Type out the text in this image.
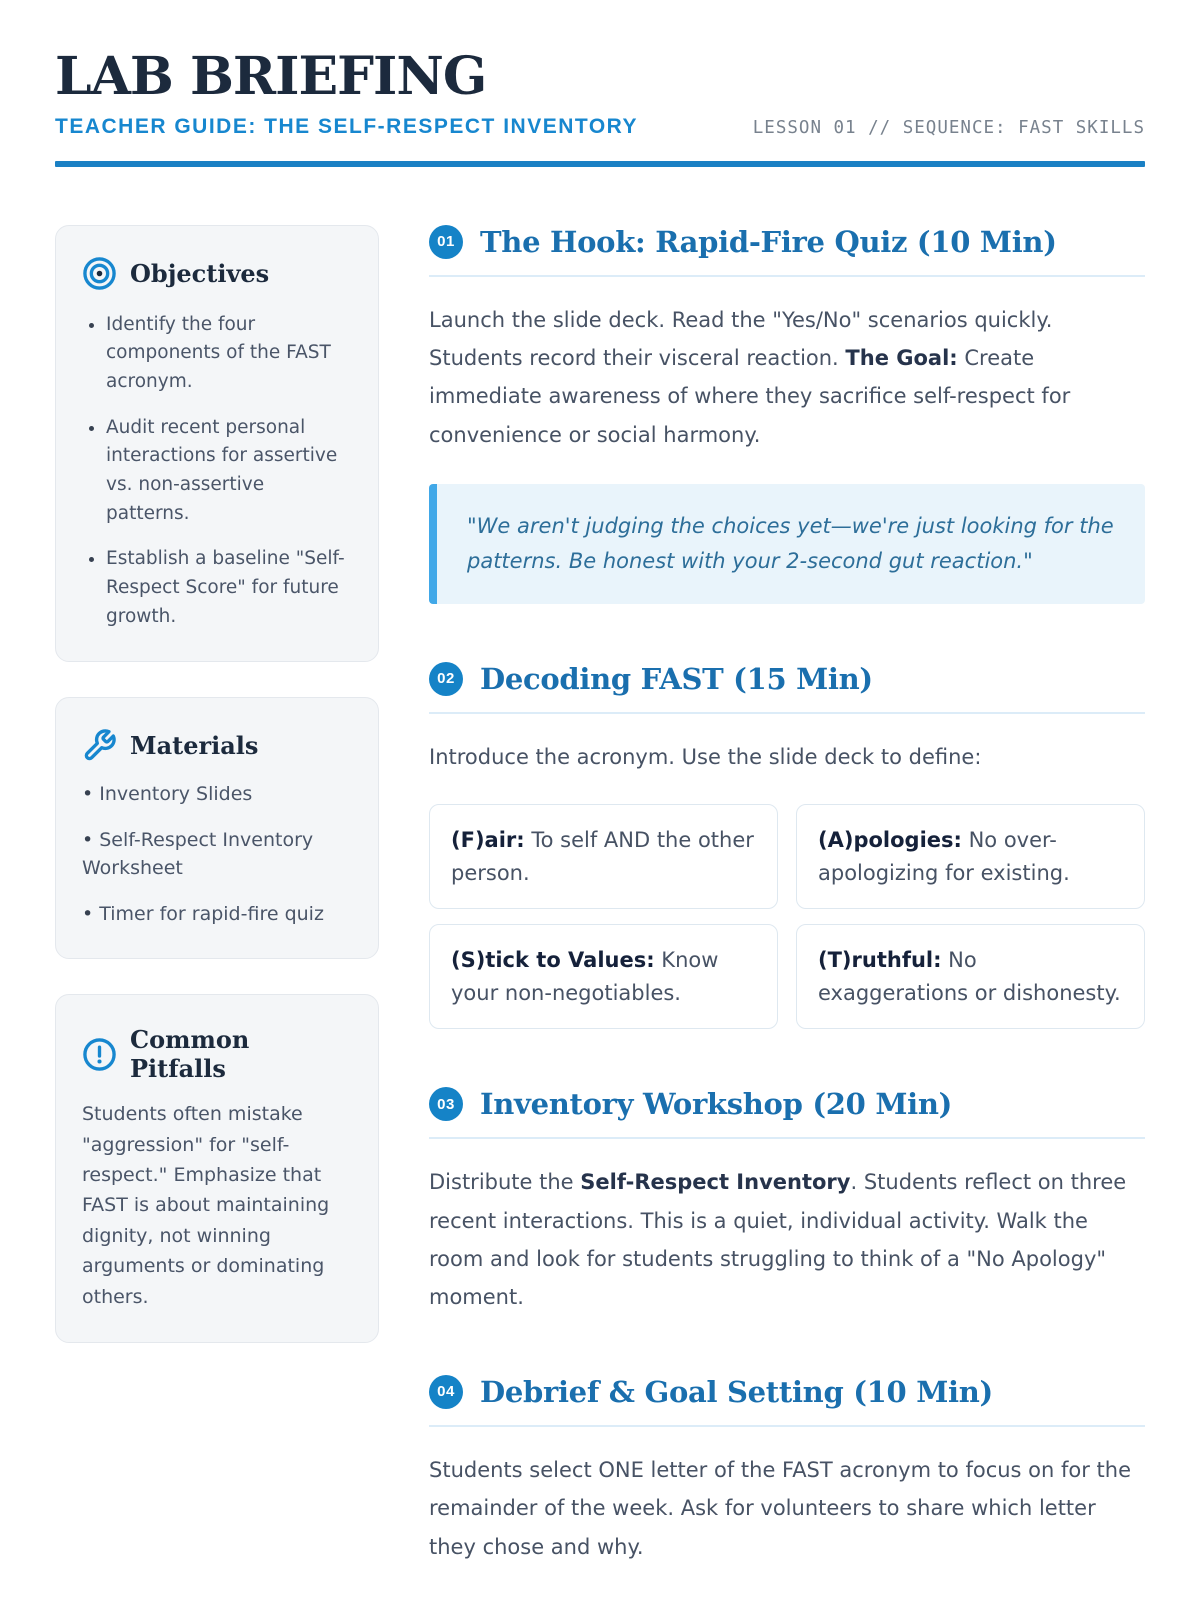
LAB BRIEFING
TEACHER GUIDE: THE SELF-RESPECT INVENTORY	LESSON 01 // SEQUENCE: FAST SKILLS
Objectives
• Identify the four components of the FAST acronym.
• Audit recent personal interactions for assertive vs. non-assertive patterns.
• Establish a baseline "Self-Respect Score" for future growth.
Materials

• Inventory Slides

• Self-Respect Inventory Worksheet

• Timer for rapid-fire quiz

Common Pitfalls

Students often mistake "aggression" for "self-respect." Emphasize that FAST is about maintaining dignity, not winning arguments or dominating others.

01 The Hook: Rapid-Fire Quiz (10 Min)

Launch the slide deck. Read the "Yes/No" scenarios quickly. Students record their visceral reaction. The Goal: Create immediate awareness of where they sacrifice self-respect for convenience or social harmony.

"We aren't judging the choices yet—we're just looking for the patterns. Be honest with your 2-second gut reaction."
02 Decoding FAST (15 Min)

Introduce the acronym. Use the slide deck to define:

(F)air: To self AND the other person.
(A)pologies: No over-apologizing for existing.
(S)tick to Values: Know your non-negotiables.
(T)ruthful: No exaggerations or dishonesty.
03 Inventory Workshop (20 Min)

Distribute the Self-Respect Inventory. Students reflect on three recent interactions. This is a quiet, individual activity. Walk the room and look for students struggling to think of a "No Apology" moment.

04 Debrief & Goal Setting (10 Min)

Students select ONE letter of the FAST acronym to focus on for the remainder of the week. Ask for volunteers to share which letter they chose and why.
